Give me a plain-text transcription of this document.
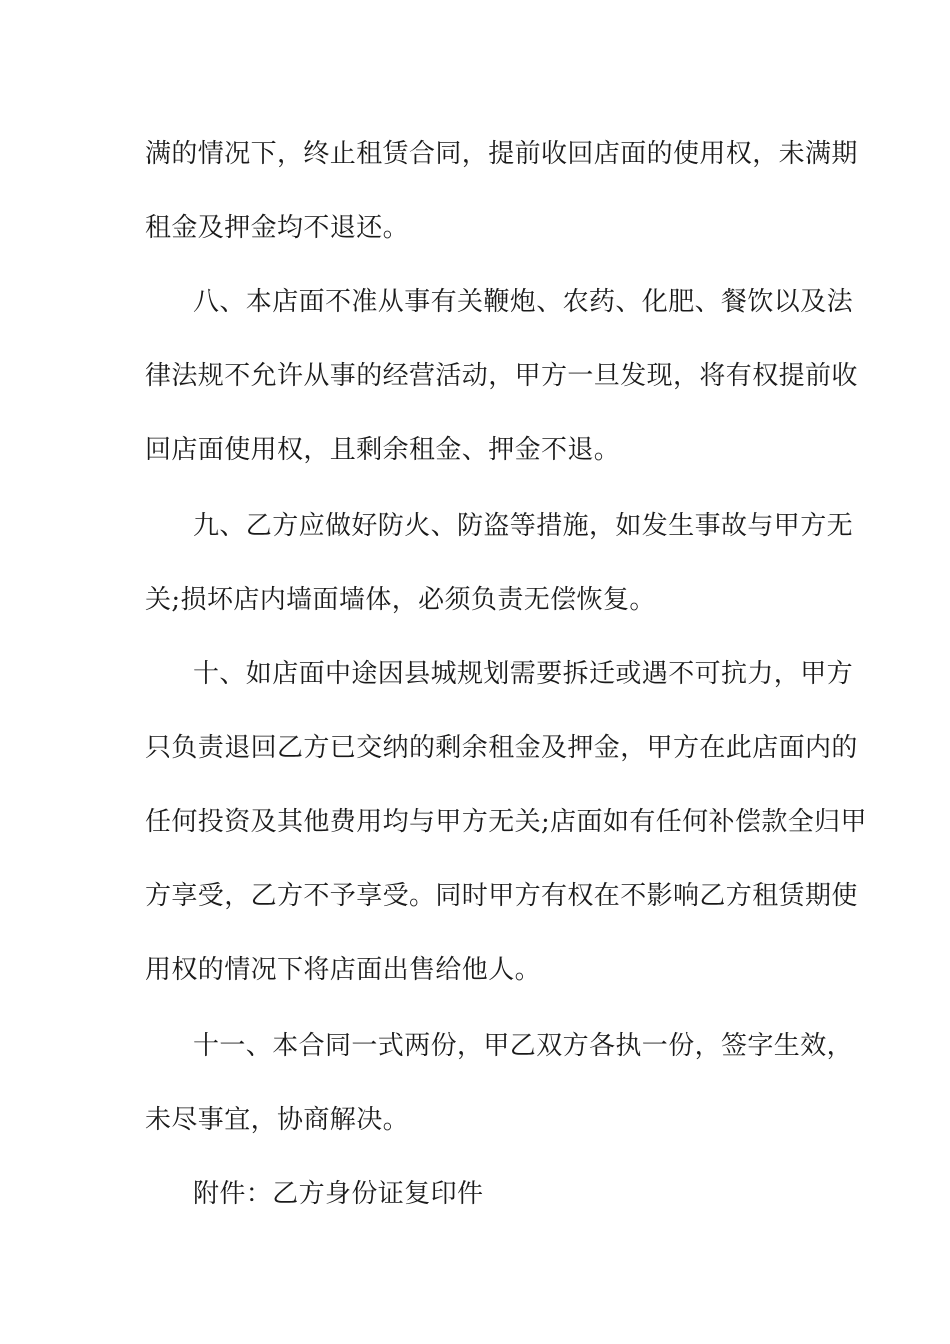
满的情况下，终止租赁合同，提前收回店面的使用权，未满期
租金及押金均不退还。
八、本店面不准从事有关鞭炮、农药、化肥、餐饮以及法
律法规不允许从事的经营活动，甲方一旦发现，将有权提前收
回店面使用权，且剩余租金、押金不退。
九、乙方应做好防火、防盗等措施，如发生事故与甲方无
关;损坏店内墙面墙体，必须负责无偿恢复。
十、如店面中途因县城规划需要拆迁或遇不可抗力，甲方
只负责退回乙方已交纳的剩余租金及押金，甲方在此店面内的
任何投资及其他费用均与甲方无关;店面如有任何补偿款全归甲
方享受，乙方不予享受。同时甲方有权在不影响乙方租赁期使
用权的情况下将店面出售给他人。
十一、本合同一式两份，甲乙双方各执一份，签字生效，
未尽事宜，协商解决。
附件：乙方身份证复印件
